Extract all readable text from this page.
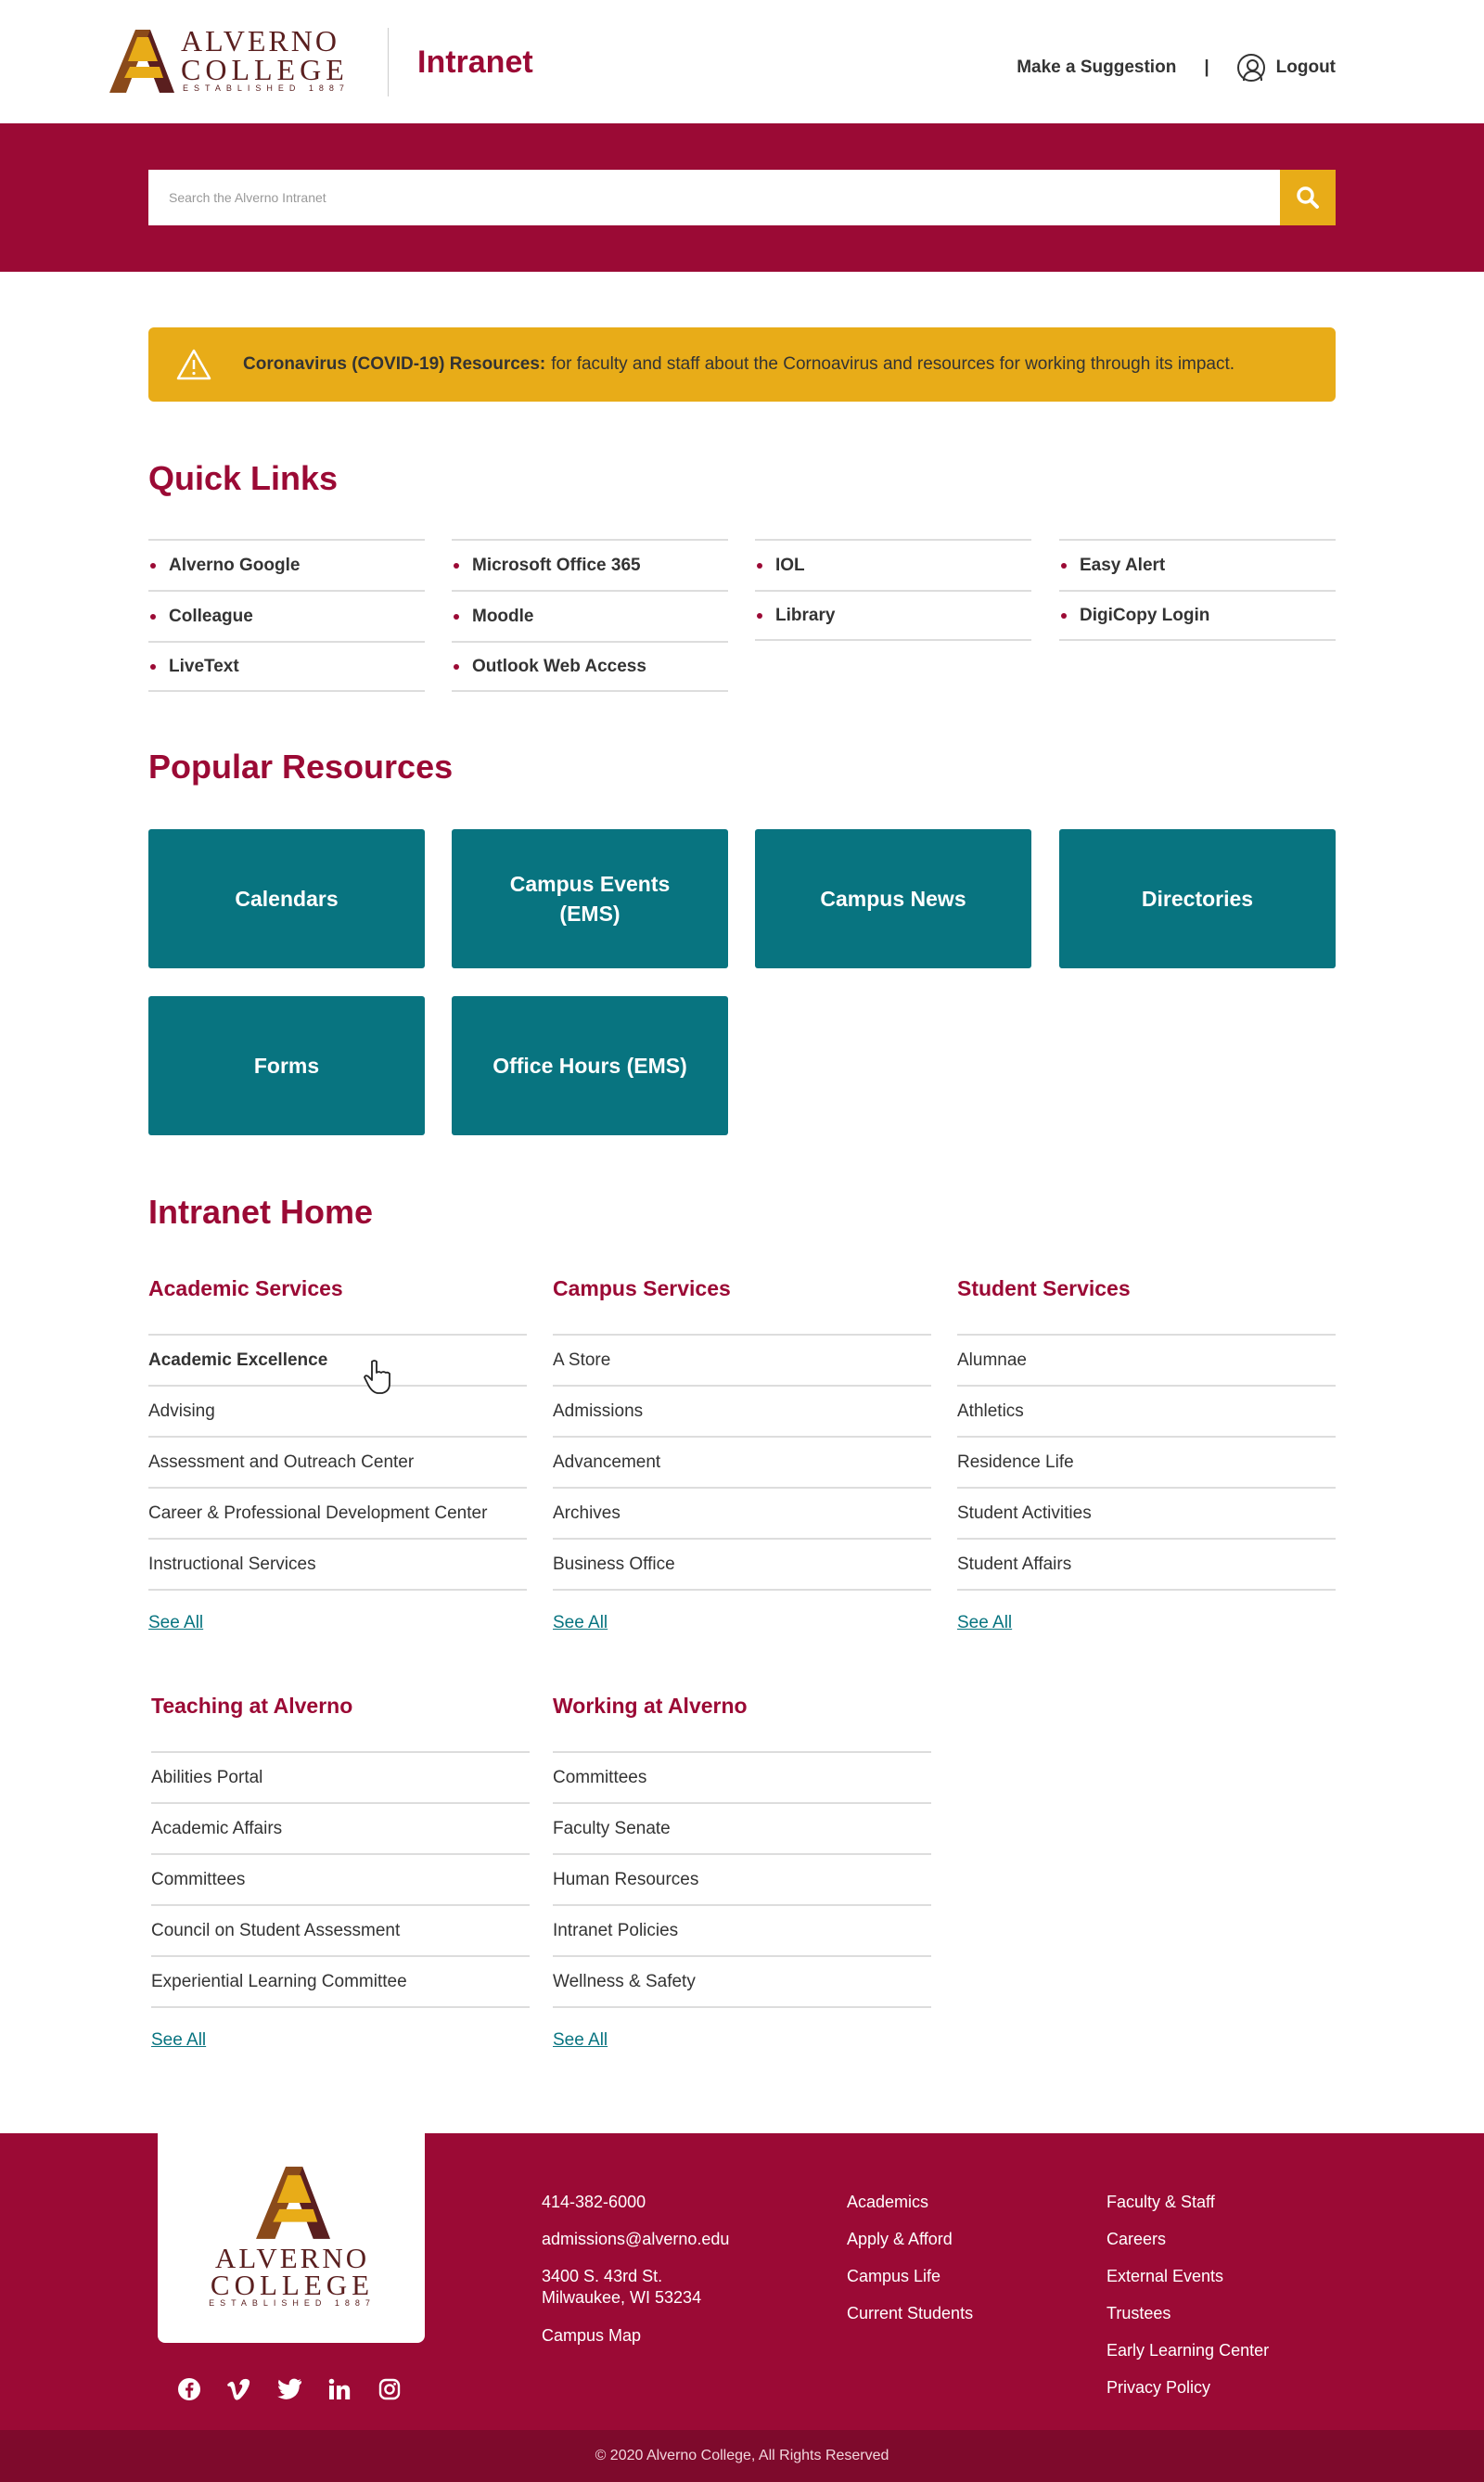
ALVERNO
COLLEGE
ESTABLISHED 1887
Intranet	Make a Suggestion |	Logout
Search the Alverno Intranet
Coronavirus (COVID-19) Resources: for faculty and staff about the Cornoavirus and resources for working through its impact.
Quick Links
Alverno Google
Colleague
LiveText
Microsoft Office 365
Moodle
Outlook Web Access
IOL
Library
Easy Alert
DigiCopy Login
Popular Resources
Calendars
Campus Events (EMS)
Campus News	Directories
Forms	Office Hours (EMS)
Intranet Home
Academic Services
Academic Excellence
Advising
Assessment and Outreach Center
Career & Professional Development Center
Instructional Services
See All
Campus Services
A Store
Admissions
Advancement
Archives
Business Office
See All
Student Services
Alumnae
Athletics
Residence Life
Student Activities
Student Affairs
See All
Teaching at Alverno
Abilities Portal
Academic Affairs
Committees
Council on Student Assessment
Experiential Learning Committee
See All
Working at Alverno
Committees
Faculty Senate
Human Resources
Intranet Policies
Wellness & Safety
See All
ALVERNO
COLLEGE
ESTABLISHED 1887
414-382-6000
admissions@alverno.edu
3400 S. 43rd St.
Milwaukee, WI 53234
Campus Map
Academics
Apply & Afford
Campus Life
Current Students
Faculty & Staff
Careers
External Events
Trustees
Early Learning Center
Privacy Policy
© 2020 Alverno College, All Rights Reserved
